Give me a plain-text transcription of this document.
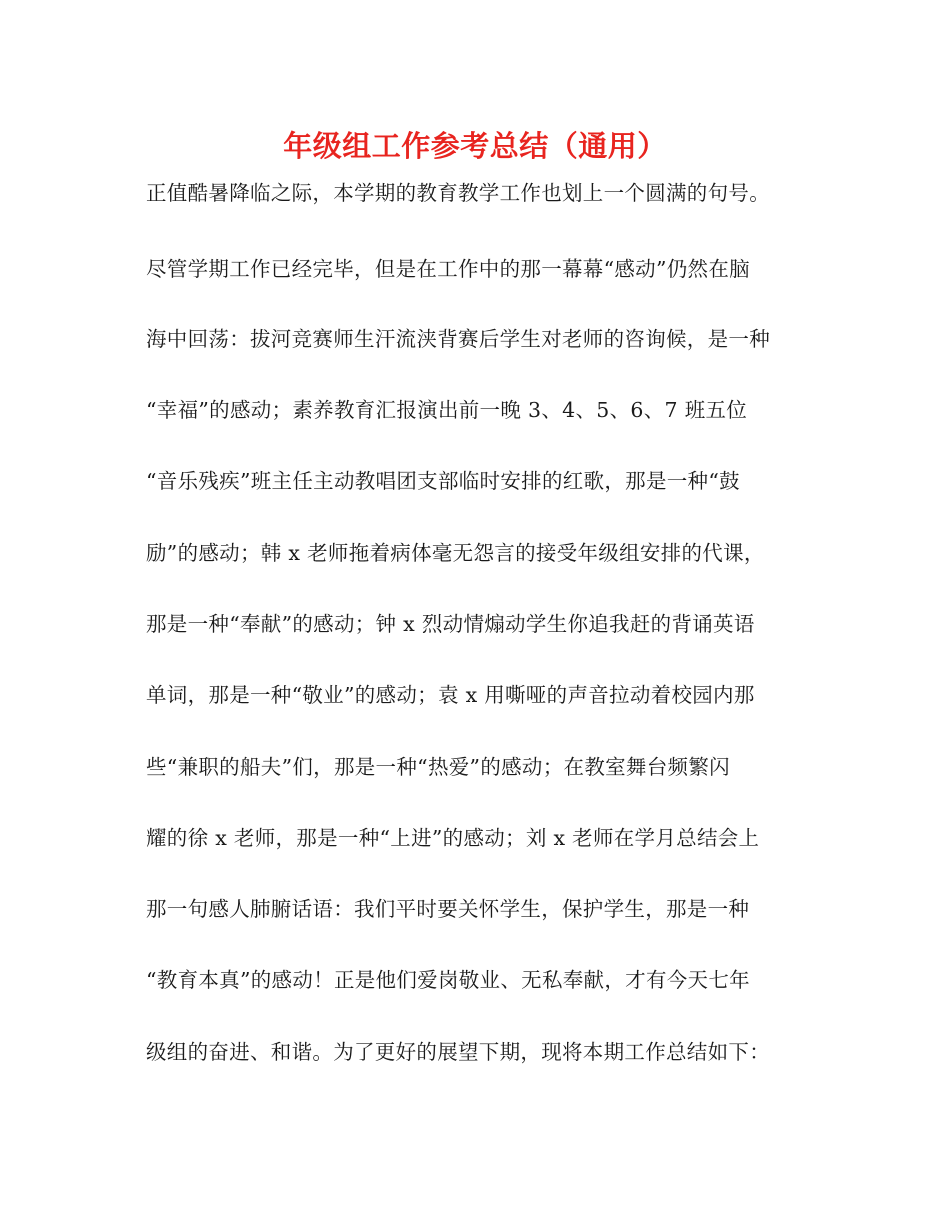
年级组工作参考总结（通用）

正值酷暑降临之际，本学期的教育教学工作也划上一个圆满的句号。

尽管学期工作已经完毕，但是在工作中的那一幕幕“感动”仍然在脑

海中回荡：拔河竞赛师生汗流浃背赛后学生对老师的咨询候，是一种

“幸福”的感动；素养教育汇报演出前一晚 3、4、5、6、7 班五位

“音乐残疾”班主任主动教唱团支部临时安排的红歌，那是一种“鼓

励”的感动；韩 x 老师拖着病体毫无怨言的接受年级组安排的代课，

那是一种“奉献”的感动；钟 x 烈动情煽动学生你追我赶的背诵英语

单词，那是一种“敬业”的感动；袁 x 用嘶哑的声音拉动着校园内那

些“兼职的船夫”们，那是一种“热爱”的感动；在教室舞台频繁闪

耀的徐 x 老师，那是一种“上进”的感动；刘 x 老师在学月总结会上

那一句感人肺腑话语：我们平时要关怀学生，保护学生，那是一种

“教育本真”的感动！正是他们爱岗敬业、无私奉献，才有今天七年

级组的奋进、和谐。为了更好的展望下期，现将本期工作总结如下：
